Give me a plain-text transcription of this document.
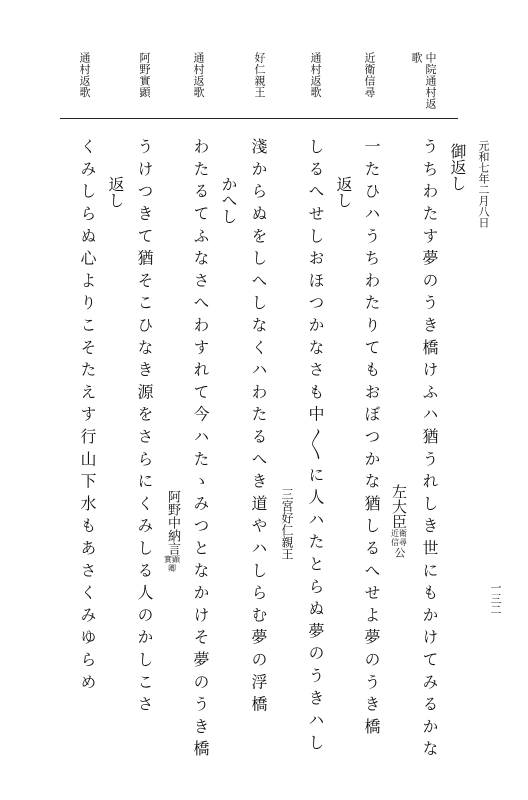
中院通村返
歌
近衛信尋
通村返歌
好仁親王
通村返歌
阿野實顕
通村返歌
元和七年二月八日
御返し
うちわたす夢のうき橋けふハ猶うれしき世にもかけてみるかな
左大臣近衛
信尋公
一たひハうちわたりてもおぼつかな猶しるへせよ夢のうき橋
返し
しるへせしおほつかなさも中〳〵に人ハたとらぬ夢のうきハし
三宮好仁親王
淺からぬをしへしなくハわたるへき道やハしらむ夢の浮橋
かへし
わたるてふなさへわすれて今ハたゝみつとなかけそ夢のうき橋
阿野中納言實顕
卿
うけつきて猶そこひなき源をさらにくみしる人のかしこさ
返し
くみしらぬ心よりこそたえす行山下水もあさくみゆらめ	一三二
